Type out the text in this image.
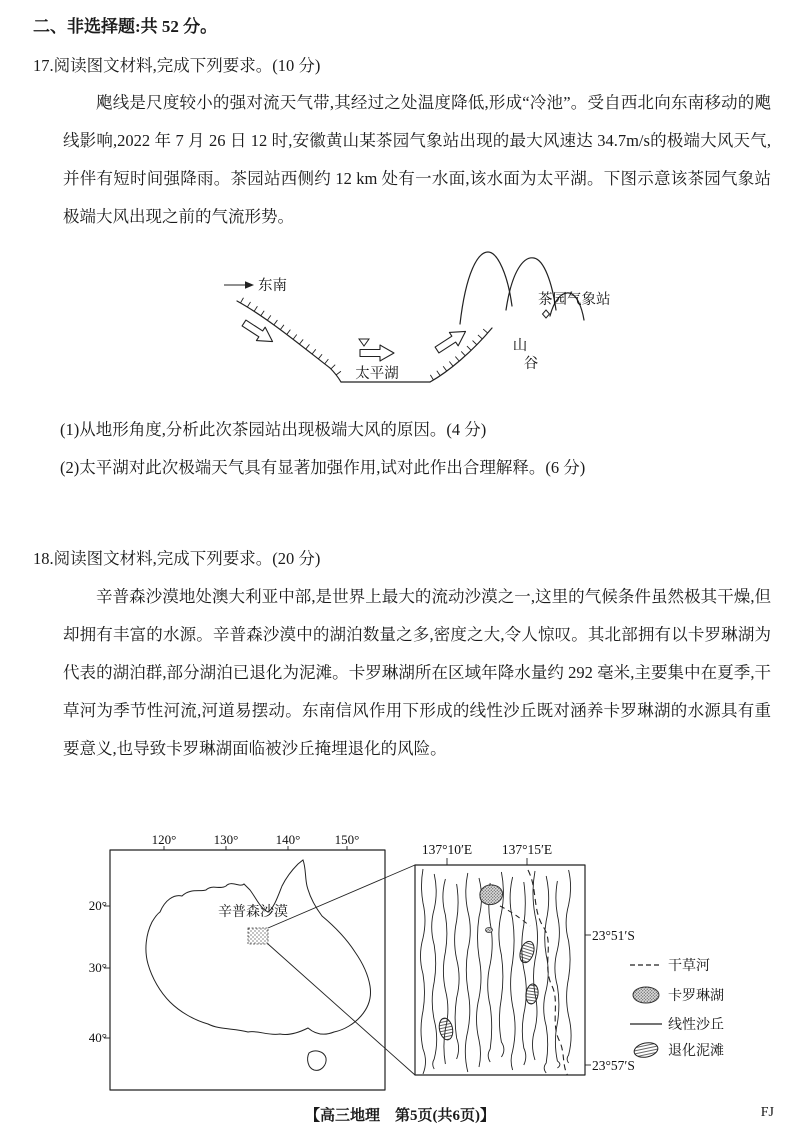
二、非选择题:共 52 分。
17.阅读图文材料,完成下列要求。(10 分)
飑线是尺度较小的强对流天气带,其经过之处温度降低,形成“冷池”。受自西北向东南移动的飑线影响,2022 年 7 月 26 日 12 时,安徽黄山某茶园气象站出现的最大风速达 34.7m/s的极端大风天气,并伴有短时间强降雨。茶园站西侧约 12 km 处有一水面,该水面为太平湖。下图示意该茶园气象站极端大风出现之前的气流形势。
东南
太平湖
茶园气象站
山
谷
(1)从地形角度,分析此次茶园站出现极端大风的原因。(4 分)
(2)太平湖对此次极端天气具有显著加强作用,试对此作出合理解释。(6 分)
18.阅读图文材料,完成下列要求。(20 分)
辛普森沙漠地处澳大利亚中部,是世界上最大的流动沙漠之一,这里的气候条件虽然极其干燥,但却拥有丰富的水源。辛普森沙漠中的湖泊数量之多,密度之大,令人惊叹。其北部拥有以卡罗琳湖为代表的湖泊群,部分湖泊已退化为泥滩。卡罗琳湖所在区域年降水量约 292 毫米,主要集中在夏季,干草河为季节性河流,河道易摆动。东南信风作用下形成的线性沙丘既对涵养卡罗琳湖的水源具有重要意义,也导致卡罗琳湖面临被沙丘掩埋退化的风险。
120°	130°	140°	150°
20°
30°
40°
辛普森沙漠
137°10′E 137°15′E
23°51′S
23°57′S
干草河
卡罗琳湖
线性沙丘
退化泥滩
【高三地理　第5页(共6页)】	FJ
